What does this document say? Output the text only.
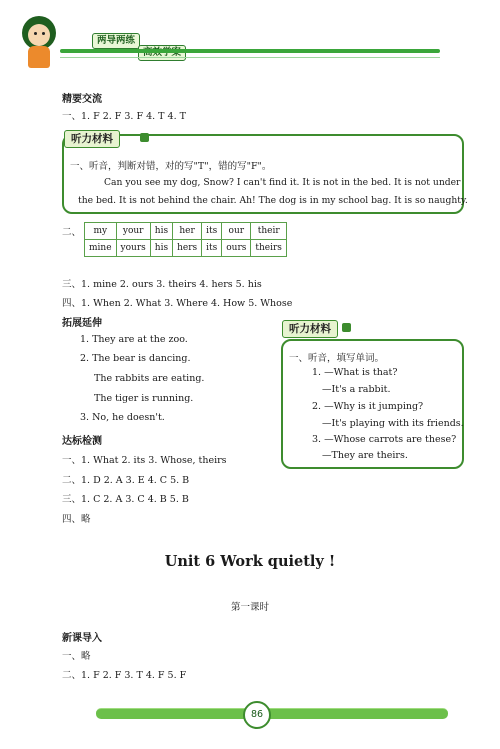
两导两练
精要交流
一、1. F 2. F 3. F 4. T 4. T
听力材料
一、听音，判断对错，对的写"T"，错的写"F"。
Can you see my dog, Snow? I can't find it. It is not in the bed. It is not under
the bed. It is not behind the chair. Ah! The dog is in my school bag. It is so naughty.
二、 my	your	his	her	its	our	their
mine	yours	his	hers	its	ours	theirs
三、1. mine 2. ours 3. theirs 4. hers 5. his
四、1. When 2. What 3. Where 4. How 5. Whose
拓展延伸
1. They are at the zoo.
2. The bear is dancing.
The rabbits are eating.
The tiger is running.
3. No, he doesn't.
达标检测
一、1. What 2. its 3. Whose, theirs
二、1. D 2. A 3. E 4. C 5. B
三、1. C 2. A 3. C 4. B 5. B
四、略
听力材料
一、听音，填写单词。
1. —What is that?
—It's a rabbit.
2. —Why is it jumping?
—It's playing with its friends.
3. —Whose carrots are these?
—They are theirs.
Unit 6 Work quietly !
第一课时
新课导入
一、略
二、1. F 2. F 3. T 4. F 5. F
86
